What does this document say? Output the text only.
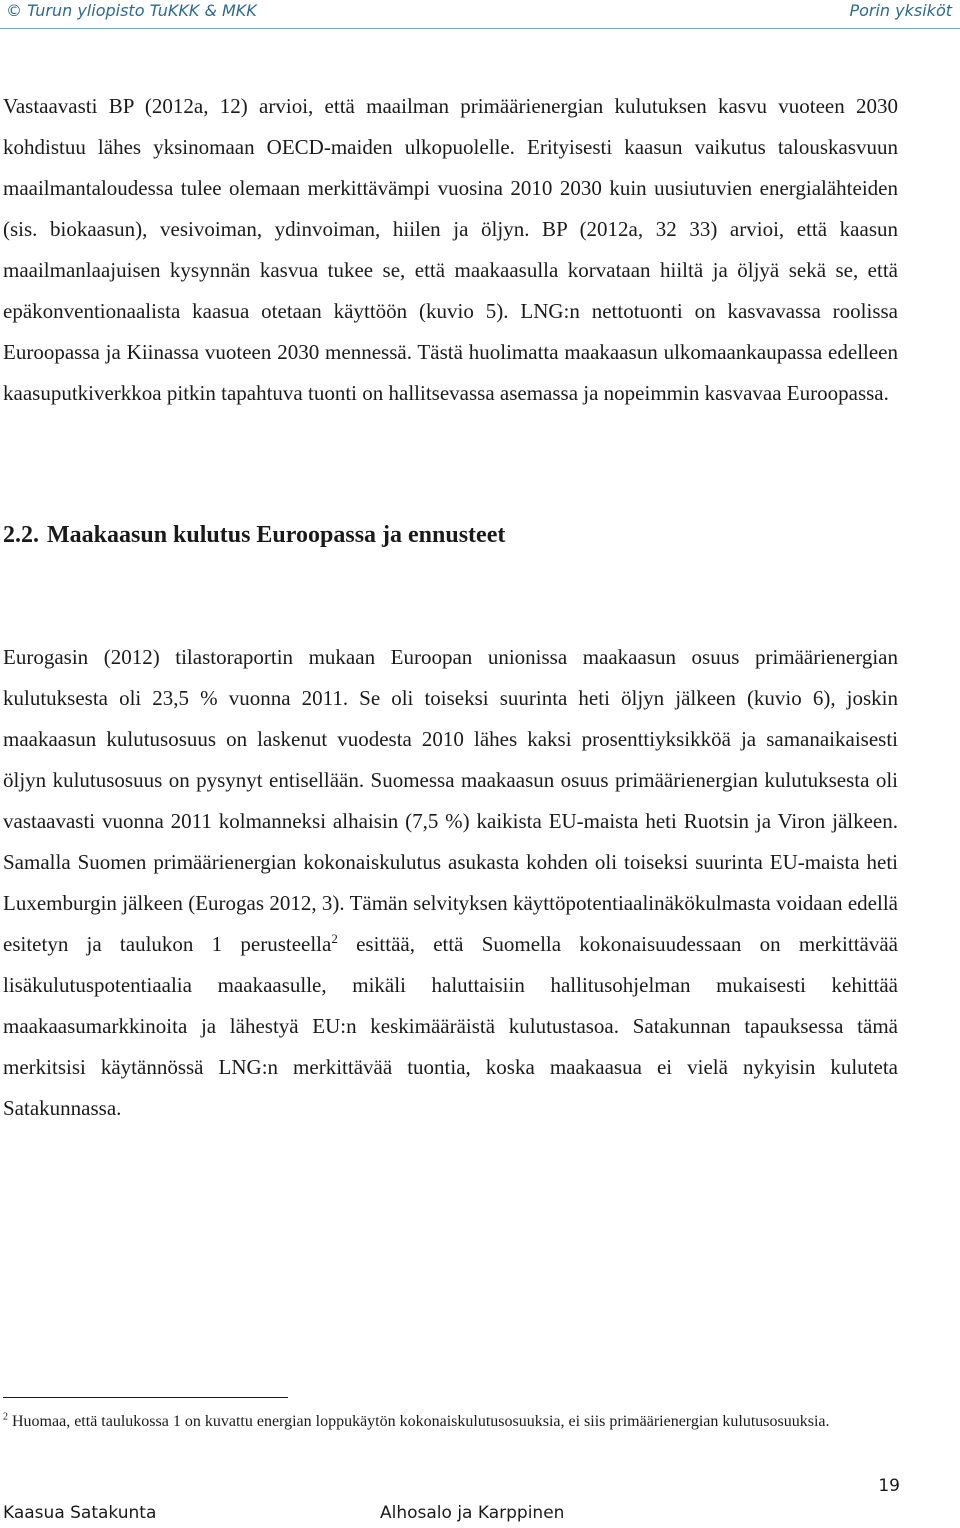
© Turun yliopisto TuKKK & MKK	Porin yksiköt

Vastaavasti BP (2012a, 12) arvioi, että maailman primäärienergian kulutuksen kasvu vuoteen 2030 kohdistuu lähes yksinomaan OECD-maiden ulkopuolelle. Erityisesti kaasun vaikutus talouskasvuun maailmantaloudessa tulee olemaan merkittävämpi vuosina 2010 2030 kuin uusiutuvien energialähteiden (sis. biokaasun), vesivoiman, ydinvoiman, hiilen ja öljyn. BP (2012a, 32 33) arvioi, että kaasun maailmanlaajuisen kysynnän kasvua tukee se, että maakaasulla korvataan hiiltä ja öljyä sekä se, että epäkonventionaalista kaasua otetaan käyttöön (kuvio 5). LNG:n nettotuonti on kasvavassa roolissa Euroopassa ja Kiinassa vuoteen 2030 mennessä. Tästä huolimatta maakaasun ulkomaankaupassa edelleen kaasuputkiverkkoa pitkin tapahtuva tuonti on hallitsevassa asemassa ja nopeimmin kasvavaa Euroopassa.

2.2. Maakaasun kulutus Euroopassa ja ennusteet

Eurogasin (2012) tilastoraportin mukaan Euroopan unionissa maakaasun osuus primäärienergian kulutuksesta oli 23,5 % vuonna 2011. Se oli toiseksi suurinta heti öljyn jälkeen (kuvio 6), joskin maakaasun kulutusosuus on laskenut vuodesta 2010 lähes kaksi prosenttiyksikköä ja samanaikaisesti öljyn kulutusosuus on pysynyt entisellään. Suomessa maakaasun osuus primäärienergian kulutuksesta oli vastaavasti vuonna 2011 kolmanneksi alhaisin (7,5 %) kaikista EU-maista heti Ruotsin ja Viron jälkeen. Samalla Suomen primäärienergian kokonaiskulutus asukasta kohden oli toiseksi suurinta EU-maista heti Luxemburgin jälkeen (Eurogas 2012, 3). Tämän selvityksen käyttöpotentiaalinäkökulmasta voidaan edellä esitetyn ja taulukon 1 perusteella$^2$ esittää, että Suomella kokonaisuudessaan on merkittävää lisäkulutuspotentiaalia maakaasulle, mikäli haluttaisiin hallitusohjelman mukaisesti kehittää maakaasumarkkinoita ja lähestyä EU:n keskimääräistä kulutustasoa. Satakunnan tapauksessa tämä merkitsisi käytännössä LNG:n merkittävää tuontia, koska maakaasua ei vielä nykyisin kuluteta Satakunnassa.

$^2$ Huomaa, että taulukossa 1 on kuvattu energian loppukäytön kokonaiskulutusosuuksia, ei siis primäärienergian kulutusosuuksia.
19
Kaasua Satakunta	Alhosalo ja Karppinen
